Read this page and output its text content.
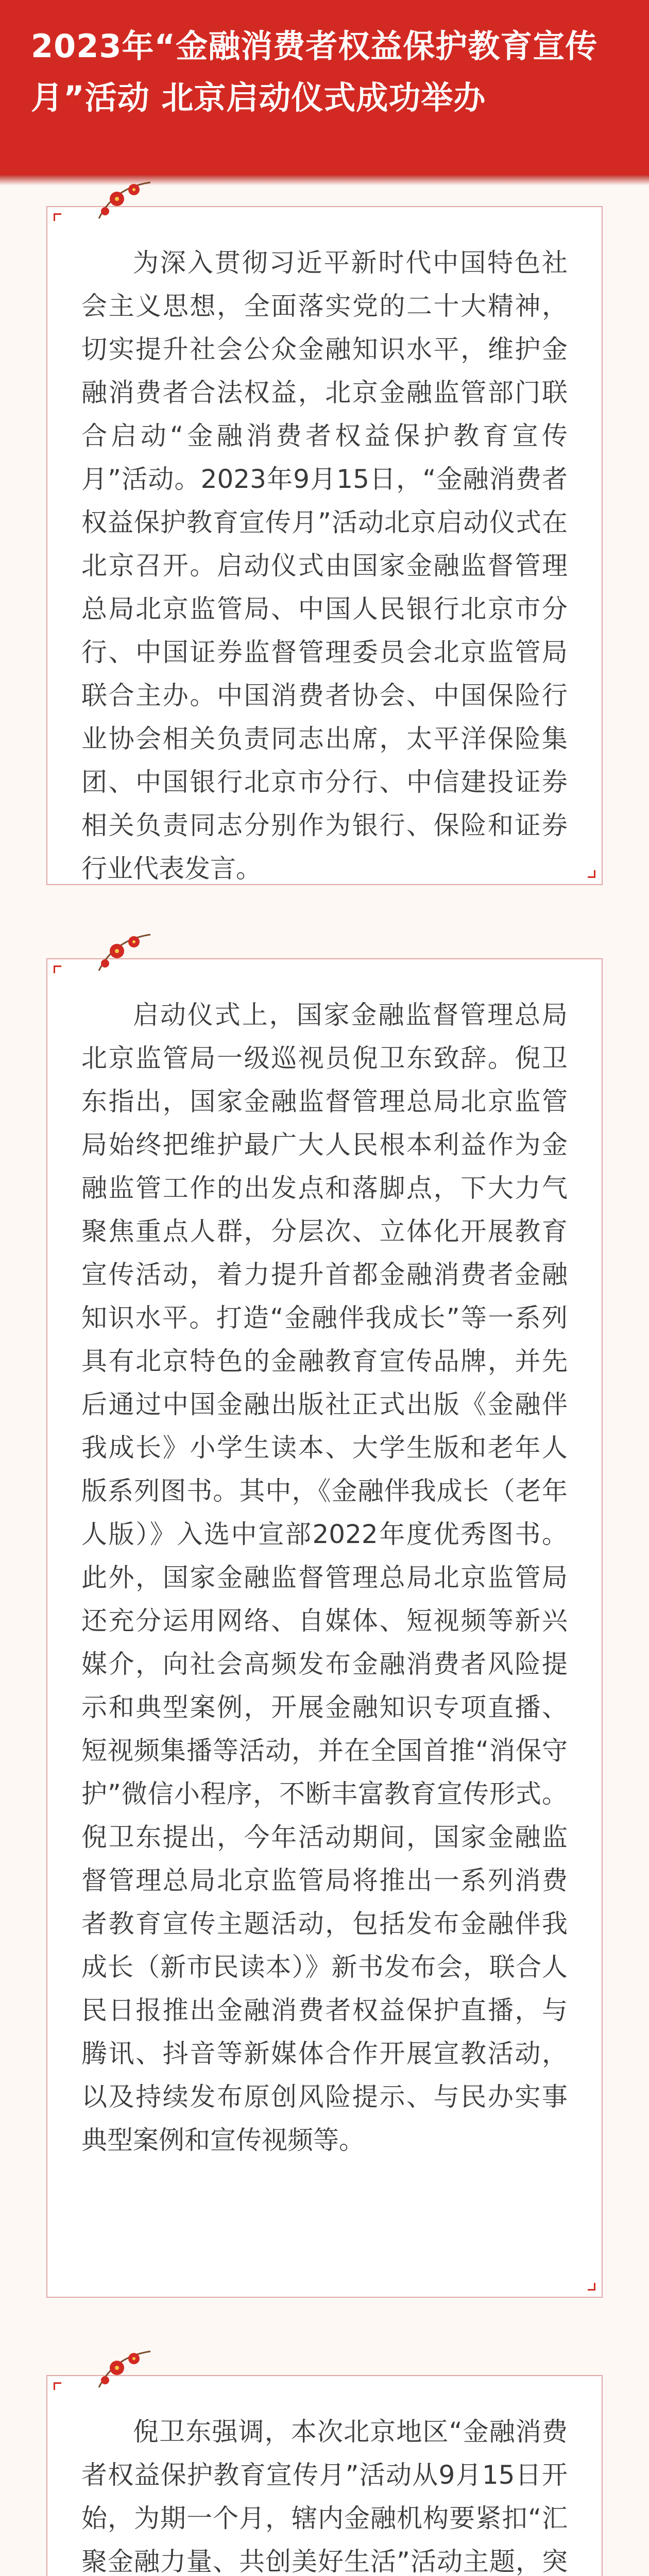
2023年“金融消费者权益保护教育宣传月”活动 北京启动仪式成功举办

为深入贯彻习近平新时代中国特色社会主义思想，全面落实党的二十大精神，切实提升社会公众金融知识水平，维护金融消费者合法权益，北京金融监管部门联合启动“金融消费者权益保护教育宣传月”活动。2023年9月15日，“金融消费者权益保护教育宣传月”活动北京启动仪式在北京召开。启动仪式由国家金融监督管理总局北京监管局、中国人民银行北京市分行、中国证券监督管理委员会北京监管局联合主办。中国消费者协会、中国保险行业协会相关负责同志出席，太平洋保险集团、中国银行北京市分行、中信建投证券相关负责同志分别作为银行、保险和证券行业代表发言。

启动仪式上，国家金融监督管理总局北京监管局一级巡视员倪卫东致辞。倪卫东指出，国家金融监督管理总局北京监管局始终把维护最广大人民根本利益作为金融监管工作的出发点和落脚点，下大力气聚焦重点人群，分层次、立体化开展教育宣传活动，着力提升首都金融消费者金融知识水平。打造“金融伴我成长”等一系列具有北京特色的金融教育宣传品牌，并先后通过中国金融出版社正式出版《金融伴我成长》小学生读本、大学生版和老年人版系列图书。其中，《金融伴我成长（老年人版）》入选中宣部2022年度优秀图书。此外，国家金融监督管理总局北京监管局还充分运用网络、自媒体、短视频等新兴媒介，向社会高频发布金融消费者风险提示和典型案例，开展金融知识专项直播、短视频集播等活动，并在全国首推“消保守护”微信小程序，不断丰富教育宣传形式。倪卫东提出，今年活动期间，国家金融监督管理总局北京监管局将推出一系列消费者教育宣传主题活动，包括发布金融伴我成长（新市民读本）》新书发布会，联合人民日报推出金融消费者权益保护直播，与腾讯、抖音等新媒体合作开展宣教活动，以及持续发布原创风险提示、与民办实事典型案例和宣传视频等。

倪卫东强调，本次北京地区“金融消费者权益保护教育宣传月”活动从9月15日开始，为期一个月，辖内金融机构要紧扣“汇聚金融力量、共创美好生活”活动主题，突
